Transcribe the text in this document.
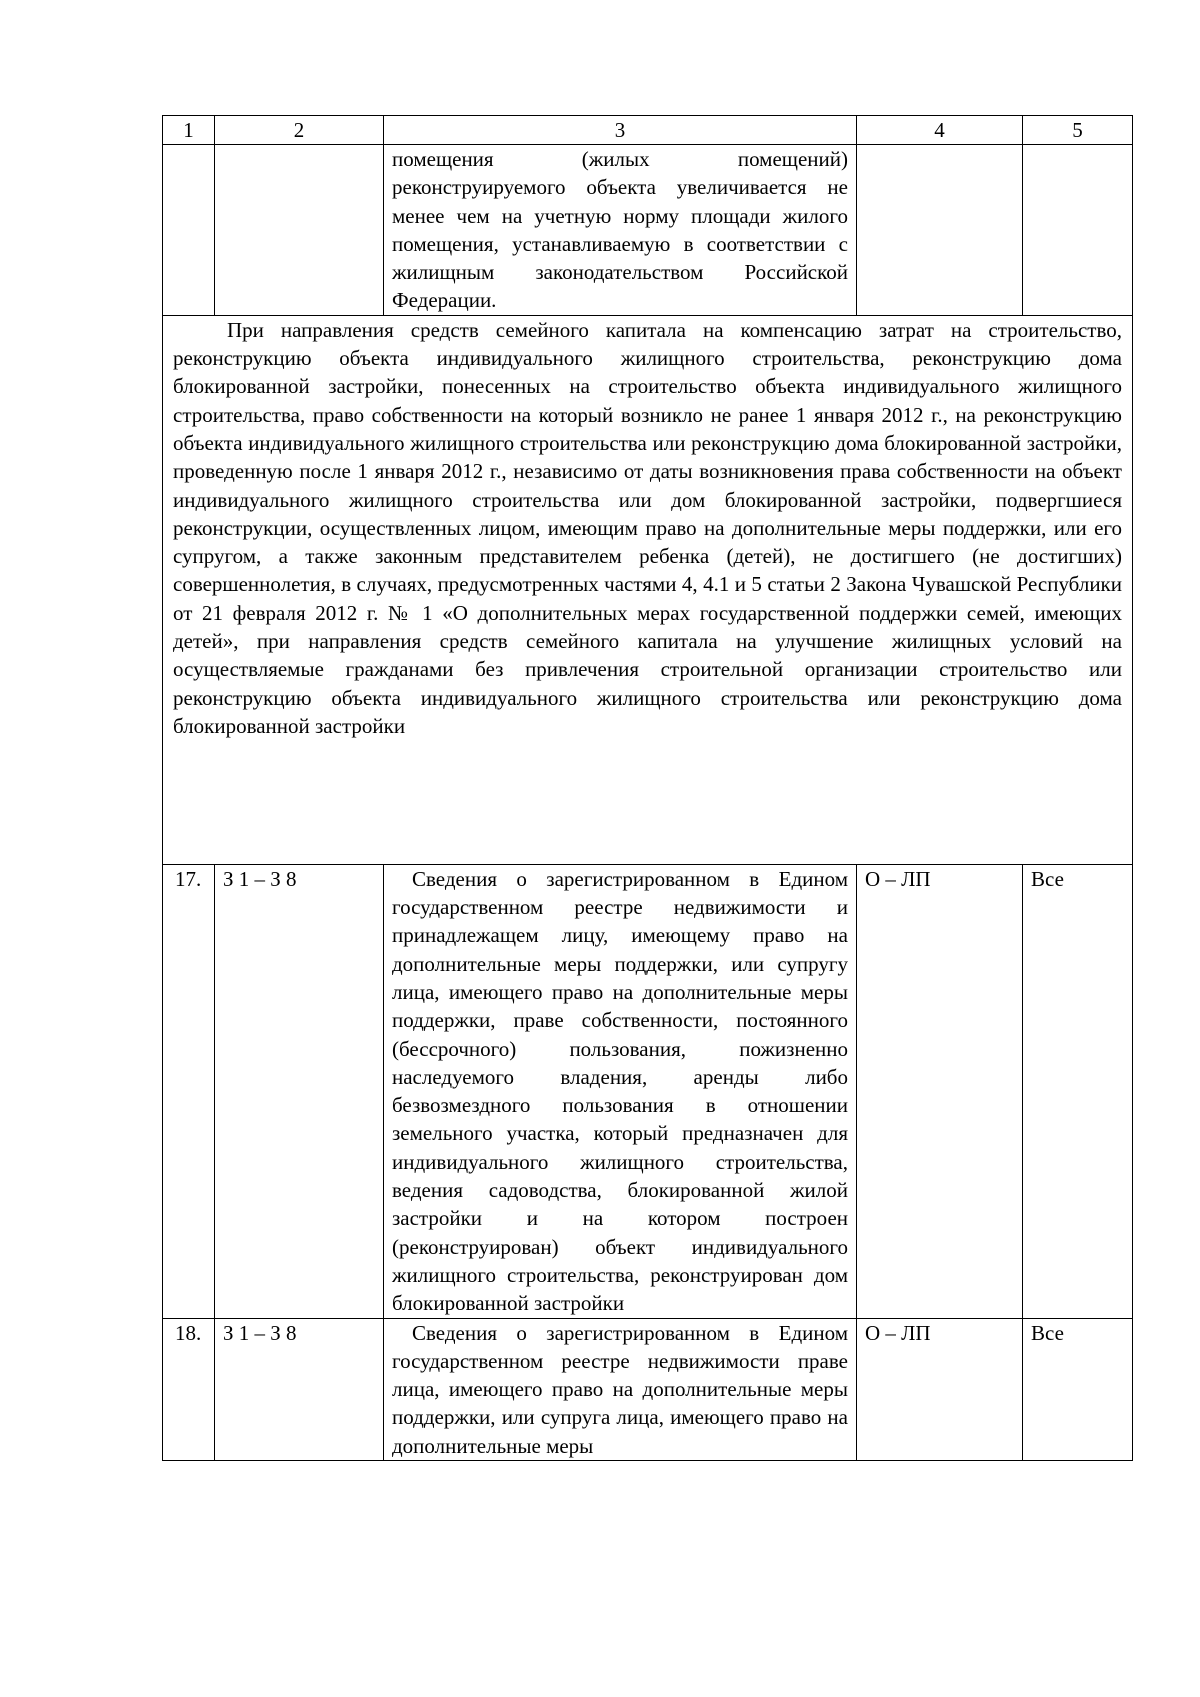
1	2	3	4	5
		помещения (жилых помещений) реконструируемого объекта увеличивается не менее чем на учетную норму площади жилого помещения, устанавливаемую в соответствии с жилищным законодательством Российской Федерации.		
При направления средств семейного капитала на компенсацию затрат на строительство, реконструкцию объекта индивидуального жилищного строительства, реконструкцию дома блокированной застройки, понесенных на строительство объекта индивидуального жилищного строительства, право собственности на который возникло не ранее 1 января 2012 г., на реконструкцию объекта индивидуального жилищного строительства или реконструкцию дома блокированной застройки, проведенную после 1 января 2012 г., независимо от даты возникновения права собственности на объект индивидуального жилищного строительства или дом блокированной застройки, подвергшиеся реконструкции, осуществленных лицом, имеющим право на дополнительные меры поддержки, или его супругом, а также законным представителем ребенка (детей), не достигшего (не достигших) совершеннолетия, в случаях, предусмотренных частями 4, 4.1 и 5 статьи 2 Закона Чувашской Республики от 21 февраля 2012 г. № 1 «О дополнительных мерах государственной поддержки семей, имеющих детей», при направления средств семейного капитала на улучшение жилищных условий на осуществляемые гражданами без привлечения строительной организации строительство или реконструкцию объекта индивидуального жилищного строительства или реконструкцию дома блокированной застройки				
17.	З 1 – З 8	Сведения о зарегистрированном в Едином государственном реестре недвижимости и принадлежащем лицу, имеющему право на дополнительные меры поддержки, или супругу лица, имеющего право на дополнительные меры поддержки, праве собственности, постоянного (бессрочного) пользования, пожизненно наследуемого владения, аренды либо безвозмездного пользования в отношении земельного участка, который предназначен для индивидуального жилищного строительства, ведения садоводства, блокированной жилой застройки и на котором построен (реконструирован) объект индивидуального жилищного строительства, реконструирован дом блокированной застройки	О – ЛП	Все
18.	З 1 – З 8	Сведения о зарегистрированном в Едином государственном реестре недвижимости праве лица, имеющего право на дополнительные меры поддержки, или супруга лица, имеющего право на дополнительные меры	О – ЛП	Все
